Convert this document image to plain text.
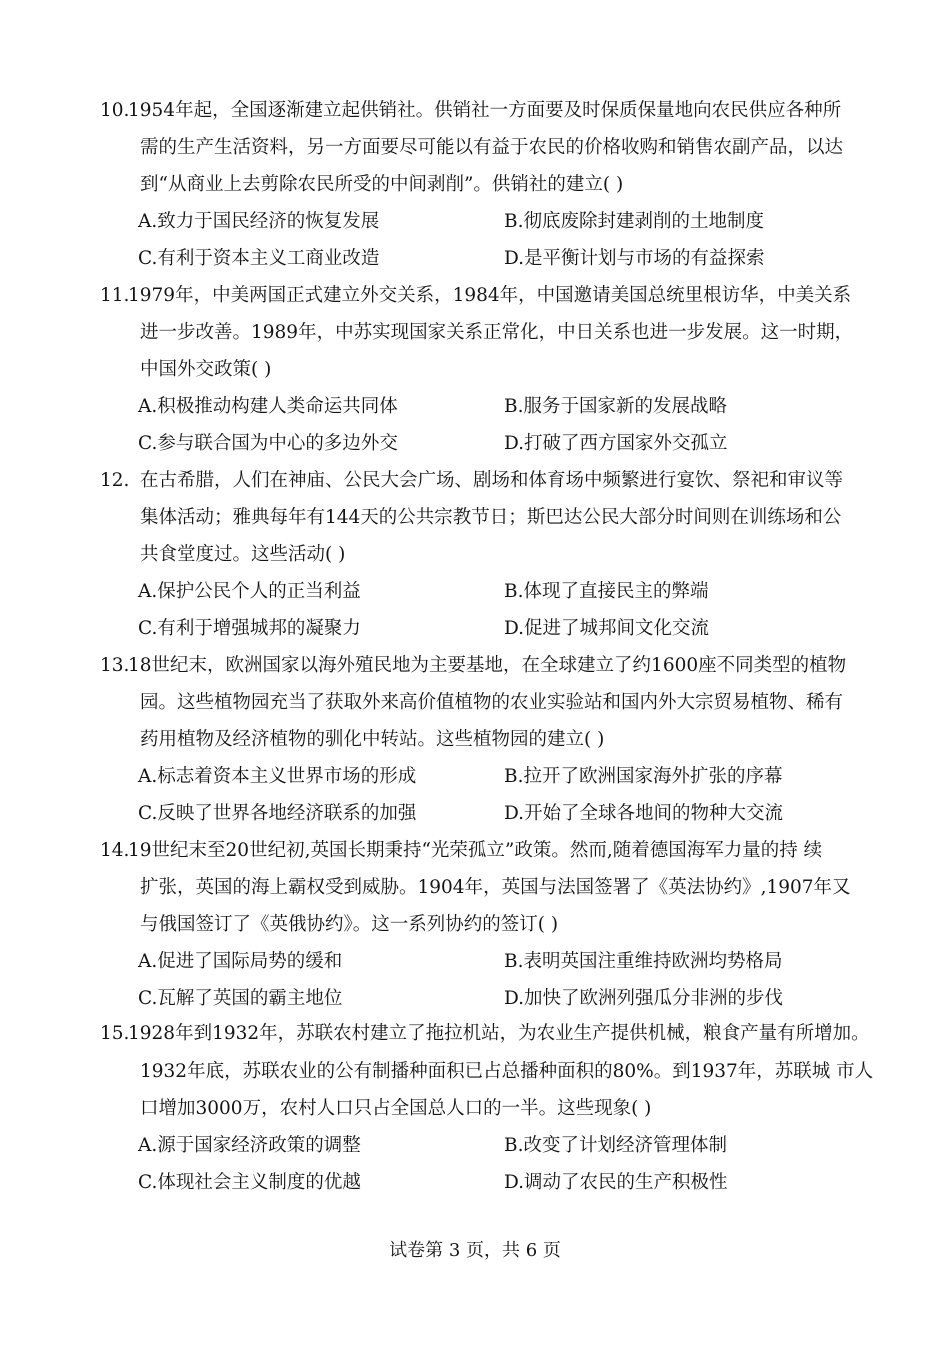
10.
1954年起，全国逐渐建立起供销社。供销社一方面要及时保质保量地向农民供应各种所
需的生产生活资料，另一方面要尽可能以有益于农民的价格收购和销售农副产品，以达
到“从商业上去剪除农民所受的中间剥削”。供销社的建立( )
A.致力于国民经济的恢复发展	B.彻底废除封建剥削的土地制度
C.有利于资本主义工商业改造	D.是平衡计划与市场的有益探索
11.
1979年，中美两国正式建立外交关系，1984年，中国邀请美国总统里根访华，中美关系
进一步改善。1989年，中苏实现国家关系正常化，中日关系也进一步发展。这一时期，
中国外交政策( )
A.积极推动构建人类命运共同体	B.服务于国家新的发展战略
C.参与联合国为中心的多边外交	D.打破了西方国家外交孤立
12. 在古希腊，人们在神庙、公民大会广场、剧场和体育场中频繁进行宴饮、祭祀和审议等
集体活动；雅典每年有144天的公共宗教节日；斯巴达公民大部分时间则在训练场和公
共食堂度过。这些活动( )
A.保护公民个人的正当利益	B.体现了直接民主的弊端
C.有利于增强城邦的凝聚力	D.促进了城邦间文化交流
13.
18世纪末，欧洲国家以海外殖民地为主要基地，在全球建立了约1600座不同类型的植物
园。这些植物园充当了获取外来高价值植物的农业实验站和国内外大宗贸易植物、稀有
药用植物及经济植物的驯化中转站。这些植物园的建立( )
A.标志着资本主义世界市场的形成	B.拉开了欧洲国家海外扩张的序幕
C.反映了世界各地经济联系的加强	D.开始了全球各地间的物种大交流
14.
19世纪末至20世纪初,英国长期秉持“光荣孤立”政策。然而,随着德国海军力量的持 续
扩张，英国的海上霸权受到威胁。1904年，英国与法国签署了《英法协约》,1907年又
与俄国签订了《英俄协约》。这一系列协约的签订( )
A.促进了国际局势的缓和	B.表明英国注重维持欧洲均势格局
C.瓦解了英国的霸主地位	D.加快了欧洲列强瓜分非洲的步伐
15.
1928年到1932年，苏联农村建立了拖拉机站，为农业生产提供机械，粮食产量有所增加。
1932年底，苏联农业的公有制播种面积已占总播种面积的80%。到1937年，苏联城 市人
口增加3000万，农村人口只占全国总人口的一半。这些现象( )
A.源于国家经济政策的调整	B.改变了计划经济管理体制
C.体现社会主义制度的优越	D.调动了农民的生产积极性
试卷第 3 页，共 6 页
